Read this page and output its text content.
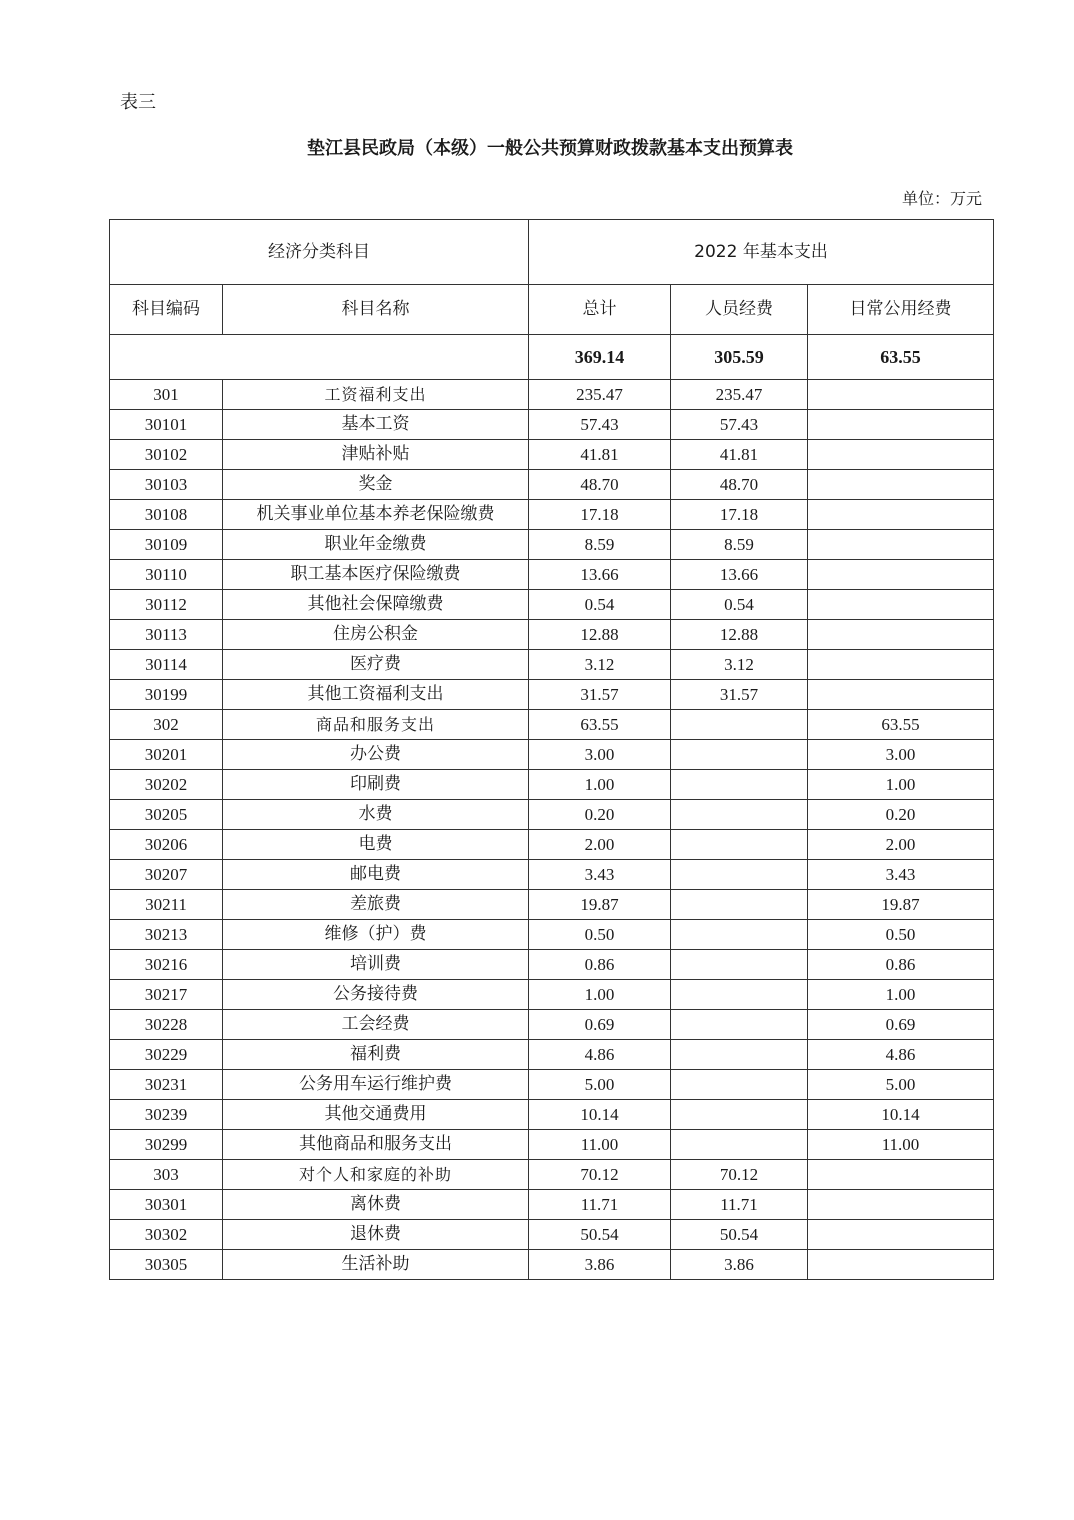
表三
垫江县民政局（本级）一般公共预算财政拨款基本支出预算表
单位：万元
经济分类科目		2022 年基本支出		
科目编码	科目名称	总计	人员经费	日常公用经费
		369.14	305.59	63.55
301	工资福利支出	235.47	235.47	
30101	基本工资	57.43	57.43	
30102	津贴补贴	41.81	41.81	
30103	奖金	48.70	48.70	
30108	机关事业单位基本养老保险缴费	17.18	17.18	
30109	职业年金缴费	8.59	8.59	
30110	职工基本医疗保险缴费	13.66	13.66	
30112	其他社会保障缴费	0.54	0.54	
30113	住房公积金	12.88	12.88	
30114	医疗费	3.12	3.12	
30199	其他工资福利支出	31.57	31.57	
302	商品和服务支出	63.55		63.55
30201	办公费	3.00		3.00
30202	印刷费	1.00		1.00
30205	水费	0.20		0.20
30206	电费	2.00		2.00
30207	邮电费	3.43		3.43
30211	差旅费	19.87		19.87
30213	维修（护）费	0.50		0.50
30216	培训费	0.86		0.86
30217	公务接待费	1.00		1.00
30228	工会经费	0.69		0.69
30229	福利费	4.86		4.86
30231	公务用车运行维护费	5.00		5.00
30239	其他交通费用	10.14		10.14
30299	其他商品和服务支出	11.00		11.00
303	对个人和家庭的补助	70.12	70.12	
30301	离休费	11.71	11.71	
30302	退休费	50.54	50.54	
30305	生活补助	3.86	3.86	
